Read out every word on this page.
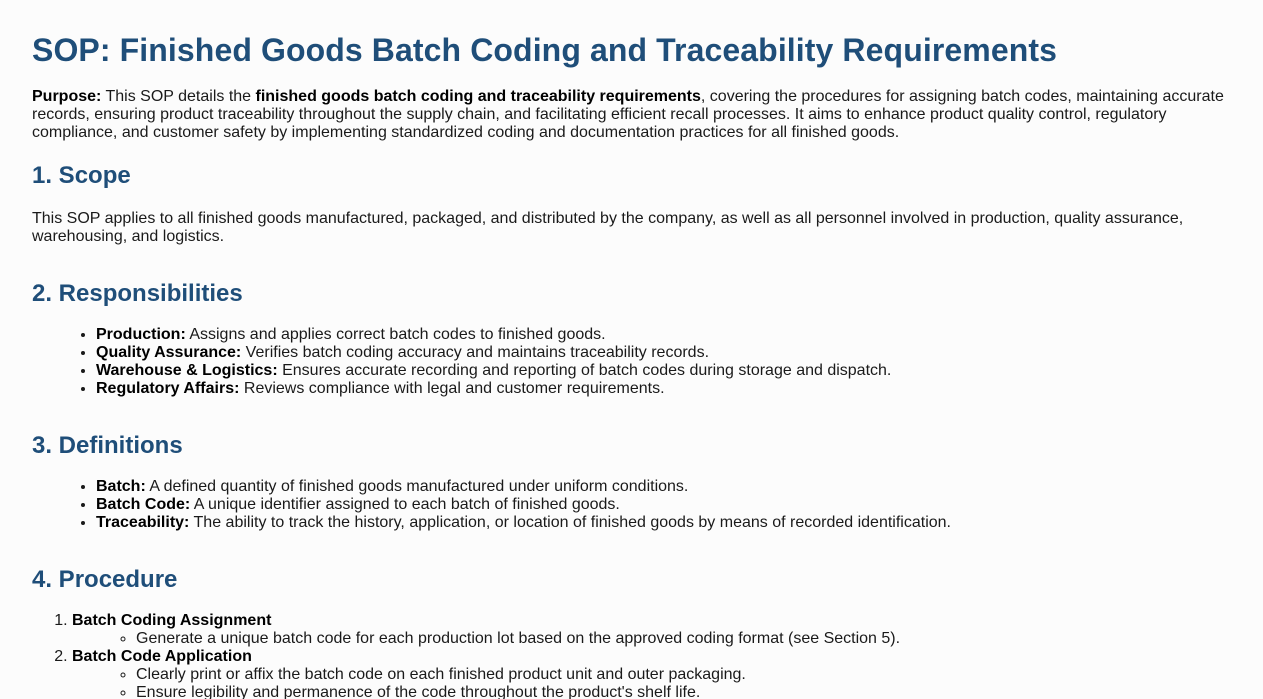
SOP: Finished Goods Batch Coding and Traceability Requirements

Purpose: This SOP details the finished goods batch coding and traceability requirements, covering the procedures for assigning batch codes, maintaining accurate records, ensuring product traceability throughout the supply chain, and facilitating efficient recall processes. It aims to enhance product quality control, regulatory compliance, and customer safety by implementing standardized coding and documentation practices for all finished goods.

1. Scope

This SOP applies to all finished goods manufactured, packaged, and distributed by the company, as well as all personnel involved in production, quality assurance, warehousing, and logistics.

2. Responsibilities
• Production: Assigns and applies correct batch codes to finished goods.
• Quality Assurance: Verifies batch coding accuracy and maintains traceability records.
• Warehouse & Logistics: Ensures accurate recording and reporting of batch codes during storage and dispatch.
• Regulatory Affairs: Reviews compliance with legal and customer requirements.
3. Definitions
• Batch: A defined quantity of finished goods manufactured under uniform conditions.
• Batch Code: A unique identifier assigned to each batch of finished goods.
• Traceability: The ability to track the history, application, or location of finished goods by means of recorded identification.
4. Procedure
1. Batch Coding Assignment
◦ Generate a unique batch code for each production lot based on the approved coding format (see Section 5).
2. Batch Code Application
◦ Clearly print or affix the batch code on each finished product unit and outer packaging.
◦ Ensure legibility and permanence of the code throughout the product's shelf life.
